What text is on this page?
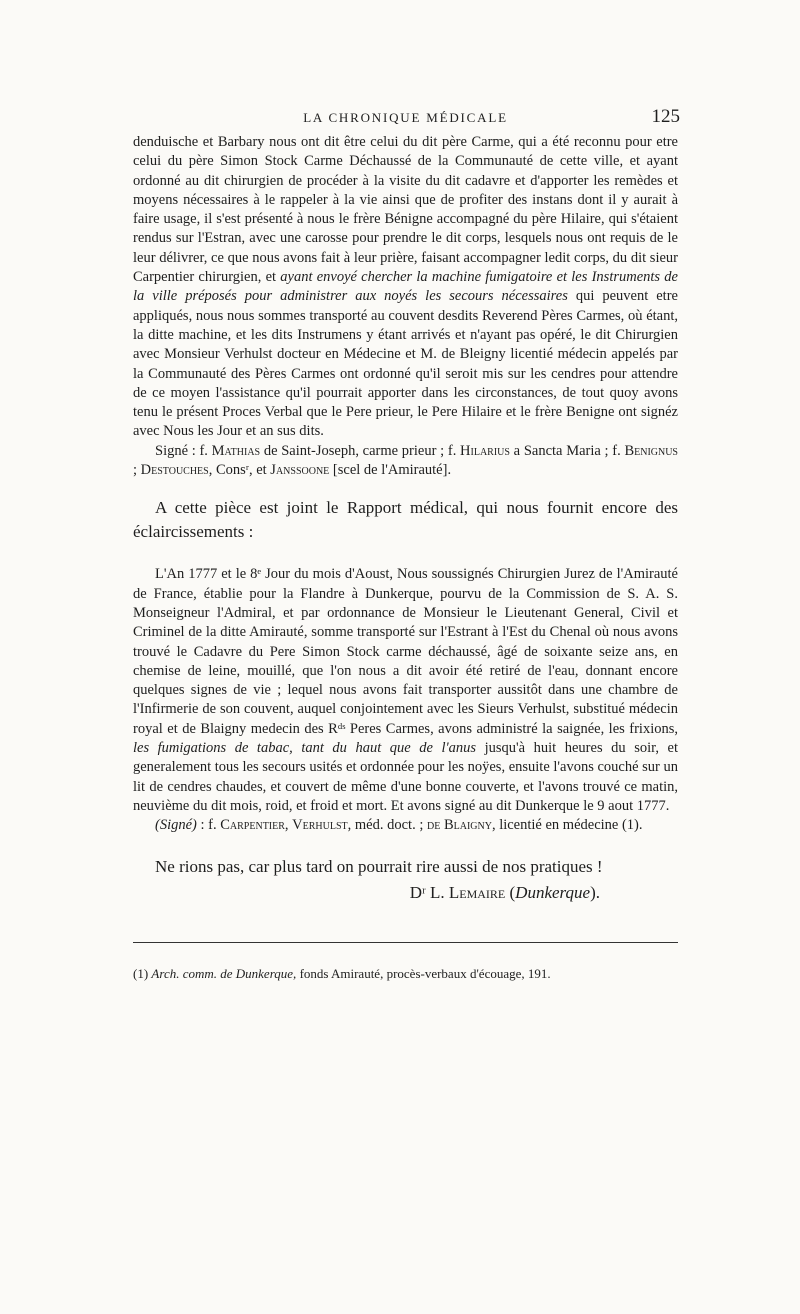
LA CHRONIQUE MÉDICALE	125

denduische et Barbary nous ont dit être celui du dit père Carme, qui a été reconnu pour etre celui du père Simon Stock Carme Déchaussé de la Communauté de cette ville, et ayant ordonné au dit chirurgien de procéder à la visite du dit cadavre et d'apporter les remèdes et moyens nécessaires à le rappeler à la vie ainsi que de profiter des instans dont il y aurait à faire usage, il s'est présenté à nous le frère Bénigne accompagné du père Hilaire, qui s'étaient rendus sur l'Estran, avec une carosse pour prendre le dit corps, lesquels nous ont requis de le leur délivrer, ce que nous avons fait à leur prière, faisant accompagner ledit corps, du dit sieur Carpentier chirurgien, et ayant envoyé chercher la machine fumigatoire et les Instruments de la ville préposés pour administrer aux noyés les secours nécessaires qui peuvent etre appliqués, nous nous sommes transporté au couvent desdits Reverend Pères Carmes, où étant, la ditte machine, et les dits Instrumens y étant arrivés et n'ayant pas opéré, le dit Chirurgien avec Monsieur Verhulst docteur en Médecine et M. de Bleigny licentié médecin appelés par la Communauté des Pères Carmes ont ordonné qu'il seroit mis sur les cendres pour attendre de ce moyen l'assistance qu'il pourrait apporter dans les circonstances, de tout quoy avons tenu le présent Proces Verbal que le Pere prieur, le Pere Hilaire et le frère Benigne ont signéz avec Nous les Jour et an sus dits.

Signé : f. Mathias de Saint-Joseph, carme prieur ; f. Hilarius a Sancta Maria ; f. Benignus ; Destouches, Consʳ, et Janssoone [scel de l'Amirauté].

A cette pièce est joint le Rapport médical, qui nous fournit encore des éclaircissements :

L'An 1777 et le 8ᵉ Jour du mois d'Aoust, Nous soussignés Chirurgien Jurez de l'Amirauté de France, établie pour la Flandre à Dunkerque, pourvu de la Commission de S. A. S. Monseigneur l'Admiral, et par ordonnance de Monsieur le Lieutenant General, Civil et Criminel de la ditte Amirauté, somme transporté sur l'Estrant à l'Est du Chenal où nous avons trouvé le Cadavre du Pere Simon Stock carme déchaussé, âgé de soixante seize ans, en chemise de leine, mouillé, que l'on nous a dit avoir été retiré de l'eau, donnant encore quelques signes de vie ; lequel nous avons fait transporter aussitôt dans une chambre de l'Infirmerie de son couvent, auquel conjointement avec les Sieurs Verhulst, substitué médecin royal et de Blaigny medecin des Rᵈˢ Peres Carmes, avons administré la saignée, les frixions, les fumigations de tabac, tant du haut que de l'anus jusqu'à huit heures du soir, et generalement tous les secours usités et ordonnée pour les noÿes, ensuite l'avons couché sur un lit de cendres chaudes, et couvert de même d'une bonne couverte, et l'avons trouvé ce matin, neuvième du dit mois, roid, et froid et mort. Et avons signé au dit Dunkerque le 9 aout 1777.

(Signé) : f. Carpentier, Verhulst, méd. doct. ; de Blaigny, licentié en médecine (1).

Ne rions pas, car plus tard on pourrait rire aussi de nos pratiques !

Dʳ L. Lemaire (Dunkerque).

(1) Arch. comm. de Dunkerque, fonds Amirauté, procès-verbaux d'écouage, 191.
